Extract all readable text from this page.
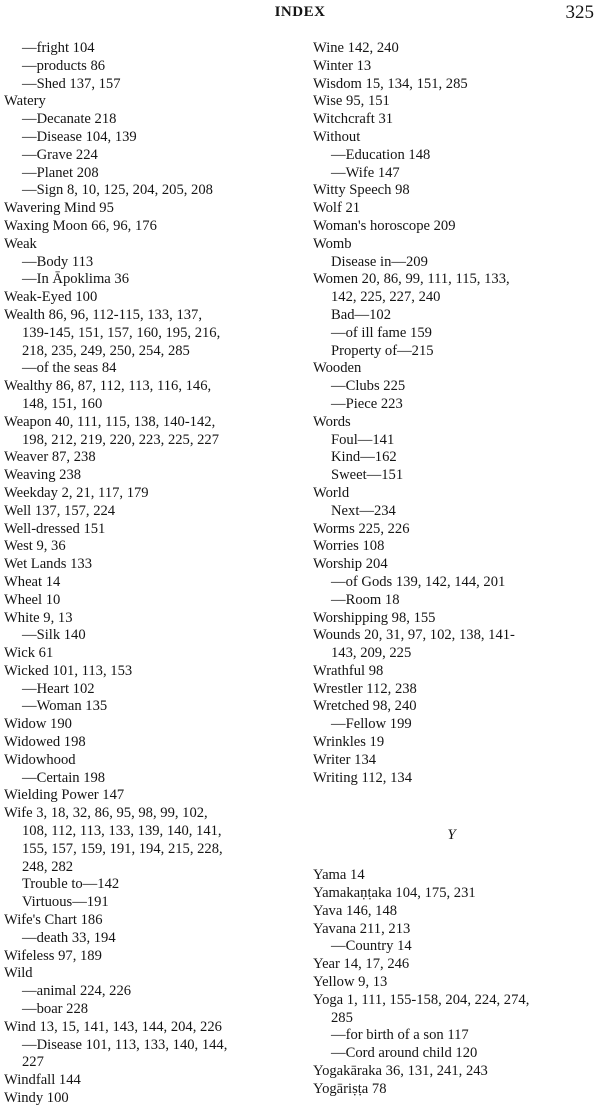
INDEX	325
—fright 104
—products 86
—Shed 137, 157
Watery
—Decanate 218
—Disease 104, 139
—Grave 224
—Planet 208
—Sign 8, 10, 125, 204, 205, 208
Wavering Mind 95
Waxing Moon 66, 96, 176
Weak
—Body 113
—In Āpoklima 36
Weak-Eyed 100
Wealth 86, 96, 112-115, 133, 137,
139-145, 151, 157, 160, 195, 216,
218, 235, 249, 250, 254, 285
—of the seas 84
Wealthy 86, 87, 112, 113, 116, 146,
148, 151, 160
Weapon 40, 111, 115, 138, 140-142,
198, 212, 219, 220, 223, 225, 227
Weaver 87, 238
Weaving 238
Weekday 2, 21, 117, 179
Well 137, 157, 224
Well-dressed 151
West 9, 36
Wet Lands 133
Wheat 14
Wheel 10
White 9, 13
—Silk 140
Wick 61
Wicked 101, 113, 153
—Heart 102
—Woman 135
Widow 190
Widowed 198
Widowhood
—Certain 198
Wielding Power 147
Wife 3, 18, 32, 86, 95, 98, 99, 102,
108, 112, 113, 133, 139, 140, 141,
155, 157, 159, 191, 194, 215, 228,
248, 282
Trouble to—142
Virtuous—191
Wife's Chart 186
—death 33, 194
Wifeless 97, 189
Wild
—animal 224, 226
—boar 228
Wind 13, 15, 141, 143, 144, 204, 226
—Disease 101, 113, 133, 140, 144,
227
Windfall 144
Windy 100
Wine 142, 240
Winter 13
Wisdom 15, 134, 151, 285
Wise 95, 151
Witchcraft 31
Without
—Education 148
—Wife 147
Witty Speech 98
Wolf 21
Woman's horoscope 209
Womb
Disease in—209
Women 20, 86, 99, 111, 115, 133,
142, 225, 227, 240
Bad—102
—of ill fame 159
Property of—215
Wooden
—Clubs 225
—Piece 223
Words
Foul—141
Kind—162
Sweet—151
World
Next—234
Worms 225, 226
Worries 108
Worship 204
—of Gods 139, 142, 144, 201
—Room 18
Worshipping 98, 155
Wounds 20, 31, 97, 102, 138, 141-
143, 209, 225
Wrathful 98
Wrestler 112, 238
Wretched 98, 240
—Fellow 199
Wrinkles 19
Writer 134
Writing 112, 134
Y
Yama 14
Yamakaṇṭaka 104, 175, 231
Yava 146, 148
Yavana 211, 213
—Country 14
Year 14, 17, 246
Yellow 9, 13
Yoga 1, 111, 155-158, 204, 224, 274,
285
—for birth of a son 117
—Cord around child 120
Yogakāraka 36, 131, 241, 243
Yogāriṣṭa 78
